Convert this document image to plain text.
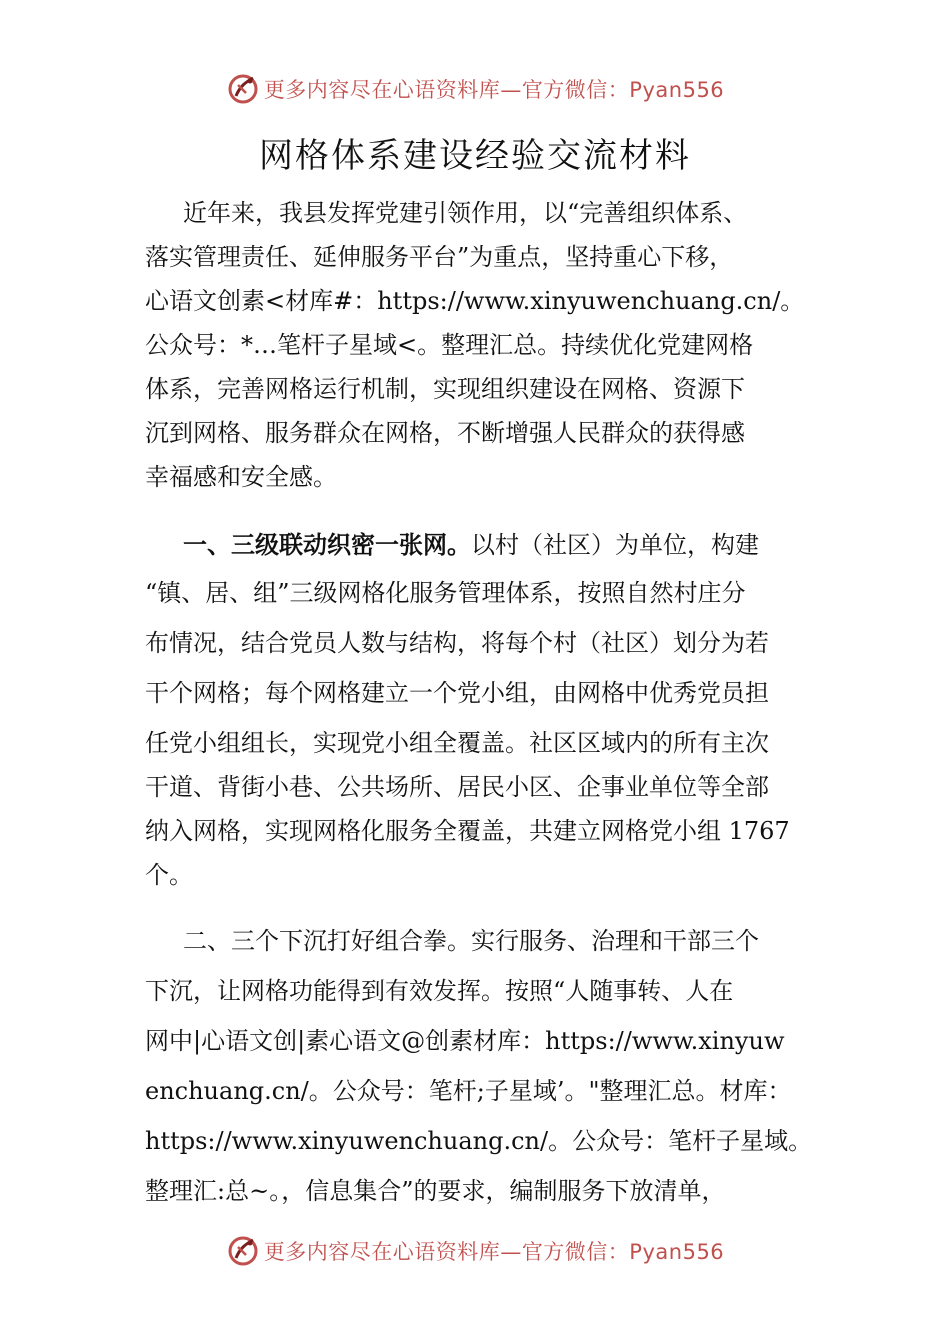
更多内容尽在心语资料库—官方微信：Pyan556
网格体系建设经验交流材料
近年来，我县发挥党建引领作用，以“完善组织体系、
落实管理责任、延伸服务平台”为重点，坚持重心下移，
心语文创素<材库#：https://www.xinyuwenchuang.cn/。
公众号：*…笔杆子星域<。整理汇总。持续优化党建网格
体系，完善网格运行机制，实现组织建设在网格、资源下
沉到网格、服务群众在网格，不断增强人民群众的获得感
幸福感和安全感。
一、三级联动织密一张网。以村（社区）为单位，构建
“镇、居、组”三级网格化服务管理体系，按照自然村庄分
布情况，结合党员人数与结构，将每个村（社区）划分为若
干个网格；每个网格建立一个党小组，由网格中优秀党员担
任党小组组长，实现党小组全覆盖。社区区域内的所有主次
干道、背街小巷、公共场所、居民小区、企事业单位等全部
纳入网格，实现网格化服务全覆盖，共建立网格党小组 1767
个。
二、三个下沉打好组合拳。实行服务、治理和干部三个
下沉，让网格功能得到有效发挥。按照“人随事转、人在
网中|心语文创|素心语文@创素材库：https://www.xinyuw
enchuang.cn/。公众号：笔杆;子星域’。"整理汇总。材库：
https://www.xinyuwenchuang.cn/。公众号：笔杆子星域。
整理汇:总~。，信息集合”的要求，编制服务下放清单，
更多内容尽在心语资料库—官方微信：Pyan556
